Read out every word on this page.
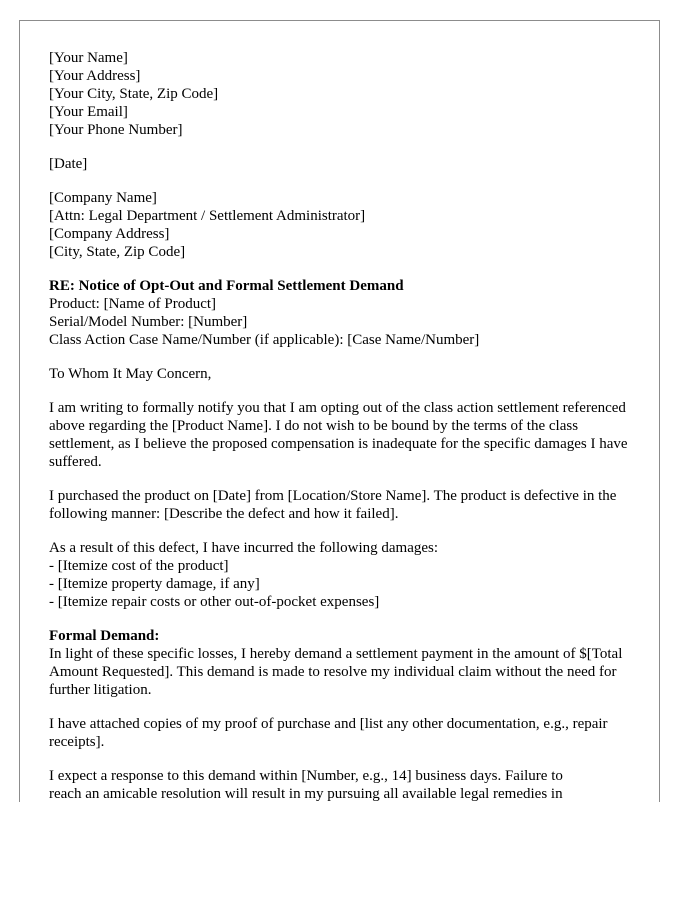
[Your Name]
[Your Address]
[Your City, State, Zip Code]
[Your Email]
[Your Phone Number]
[Date]
[Company Name]
[Attn: Legal Department / Settlement Administrator]
[Company Address]
[City, State, Zip Code]
RE: Notice of Opt-Out and Formal Settlement Demand
Product: [Name of Product]
Serial/Model Number: [Number]
Class Action Case Name/Number (if applicable): [Case Name/Number]
To Whom It May Concern,
I am writing to formally notify you that I am opting out of the class action settlement referenced above regarding the [Product Name]. I do not wish to be bound by the terms of the class settlement, as I believe the proposed compensation is inadequate for the specific damages I have suffered.
I purchased the product on [Date] from [Location/Store Name]. The product is defective in the following manner: [Describe the defect and how it failed].
As a result of this defect, I have incurred the following damages:
- [Itemize cost of the product]
- [Itemize property damage, if any]
- [Itemize repair costs or other out-of-pocket expenses]
Formal Demand:
In light of these specific losses, I hereby demand a settlement payment in the amount of $[Total Amount Requested]. This demand is made to resolve my individual claim without the need for further litigation.
I have attached copies of my proof of purchase and [list any other documentation, e.g., repair receipts].
I expect a response to this demand within [Number, e.g., 14] business days. Failure to
reach an amicable resolution will result in my pursuing all available legal remedies in
